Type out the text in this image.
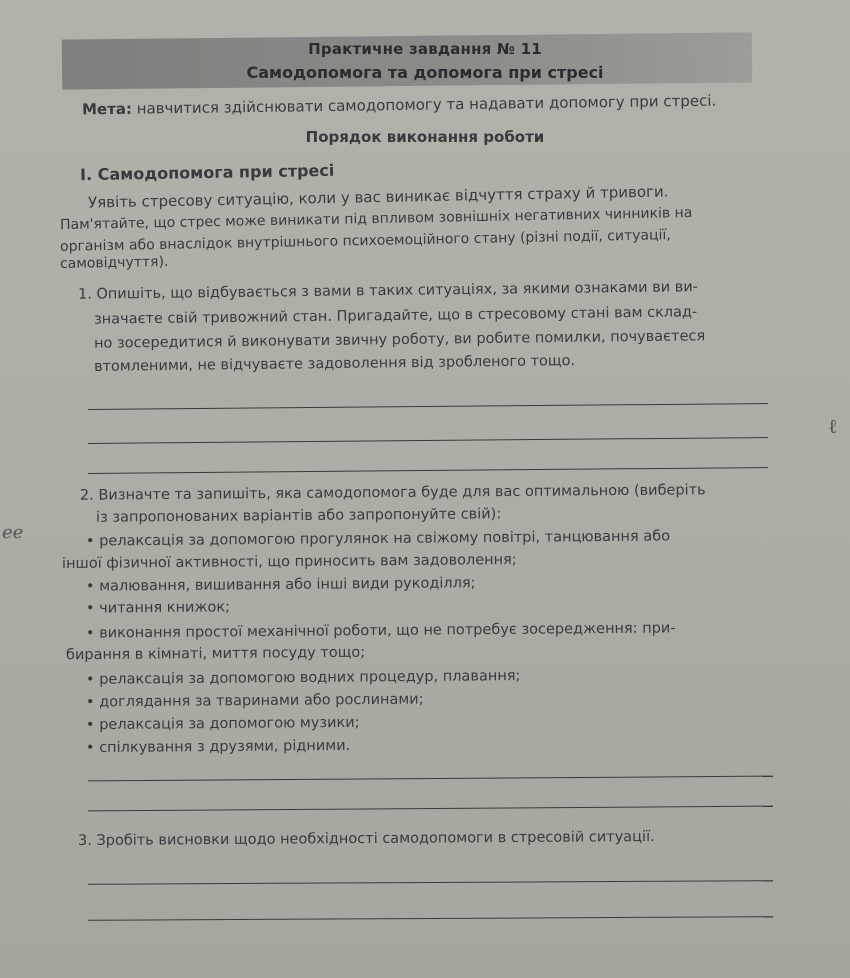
Практичне завдання № 11
Самодопомога та допомога при стресі
Мета: навчитися здійснювати самодопомогу та надавати допомогу при стресі.
Порядок виконання роботи
І. Самодопомога при стресі
Уявіть стресову ситуацію, коли у вас виникає відчуття страху й тривоги.
Пам'ятайте, що стрес може виникати під впливом зовнішніх негативних чинників на
організм або внаслідок внутрішнього психоемоційного стану (різні події, ситуації,
самовідчуття).
1. Опишіть, що відбувається з вами в таких ситуаціях, за якими ознаками ви ви-
значаєте свій тривожний стан. Пригадайте, що в стресовому стані вам склад-
но зосередитися й виконувати звичну роботу, ви робите помилки, почуваєтеся
втомленими, не відчуваєте задоволення від зробленого тощо.
2. Визначте та запишіть, яка самодопомога буде для вас оптимальною (виберіть
із запропонованих варіантів або запропонуйте свій):
• релаксація за допомогою прогулянок на свіжому повітрі, танцювання або
іншої фізичної активності, що приносить вам задоволення;
• малювання, вишивання або інші види рукоділля;
• читання книжок;
• виконання простої механічної роботи, що не потребує зосередження: при-
бирання в кімнаті, миття посуду тощо;
• релаксація за допомогою водних процедур, плавання;
• доглядання за тваринами або рослинами;
• релаксація за допомогою музики;
• спілкування з друзями, рідними.
3. Зробіть висновки щодо необхідності самодопомоги в стресовій ситуації.
ℓ
ee
